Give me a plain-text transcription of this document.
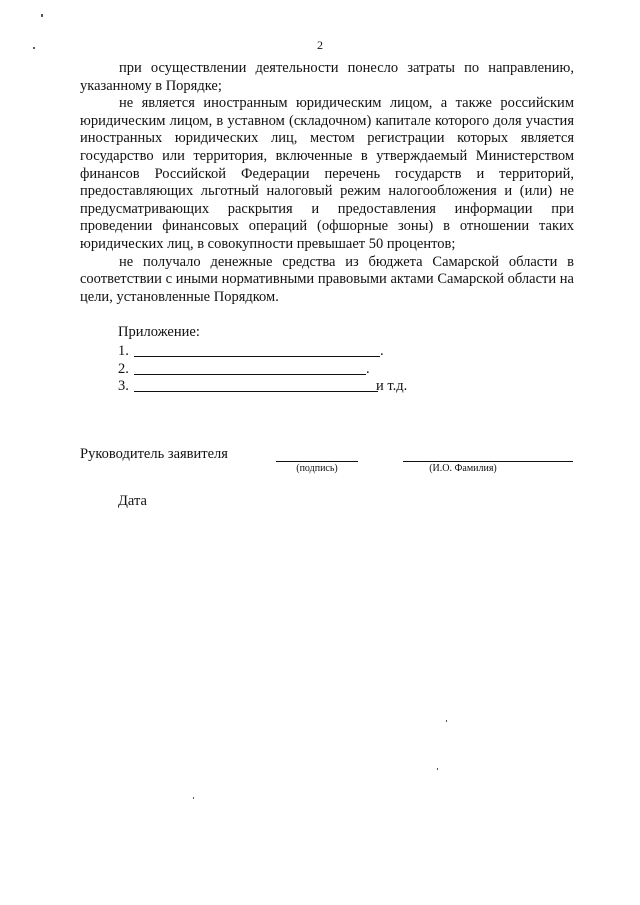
2

при осуществлении деятельности понесло затраты по направлению, указанному в Порядке;

не является иностранным юридическим лицом, а также российским юридическим лицом, в уставном (складочном) капитале которого доля участия иностранных юридических лиц, местом регистрации которых является государство или территория, включенные в утверждаемый Министерством финансов Российской Федерации перечень государств и территорий, предоставляющих льготный налоговый режим налогообложения и (или) не предусматривающих раскрытия и предоставления информации при проведении финансовых операций (офшорные зоны) в отношении таких юридических лиц, в совокупности превышает 50 процентов;

не получало денежные средства из бюджета Самарской области в соответствии с иными нормативными правовыми актами Самарской области на цели, установленные Порядком.

Приложение:
1.	.
2.	.
3.	и т.д.
Руководитель заявителя
(подпись)	(И.О. Фамилия)
Дата
